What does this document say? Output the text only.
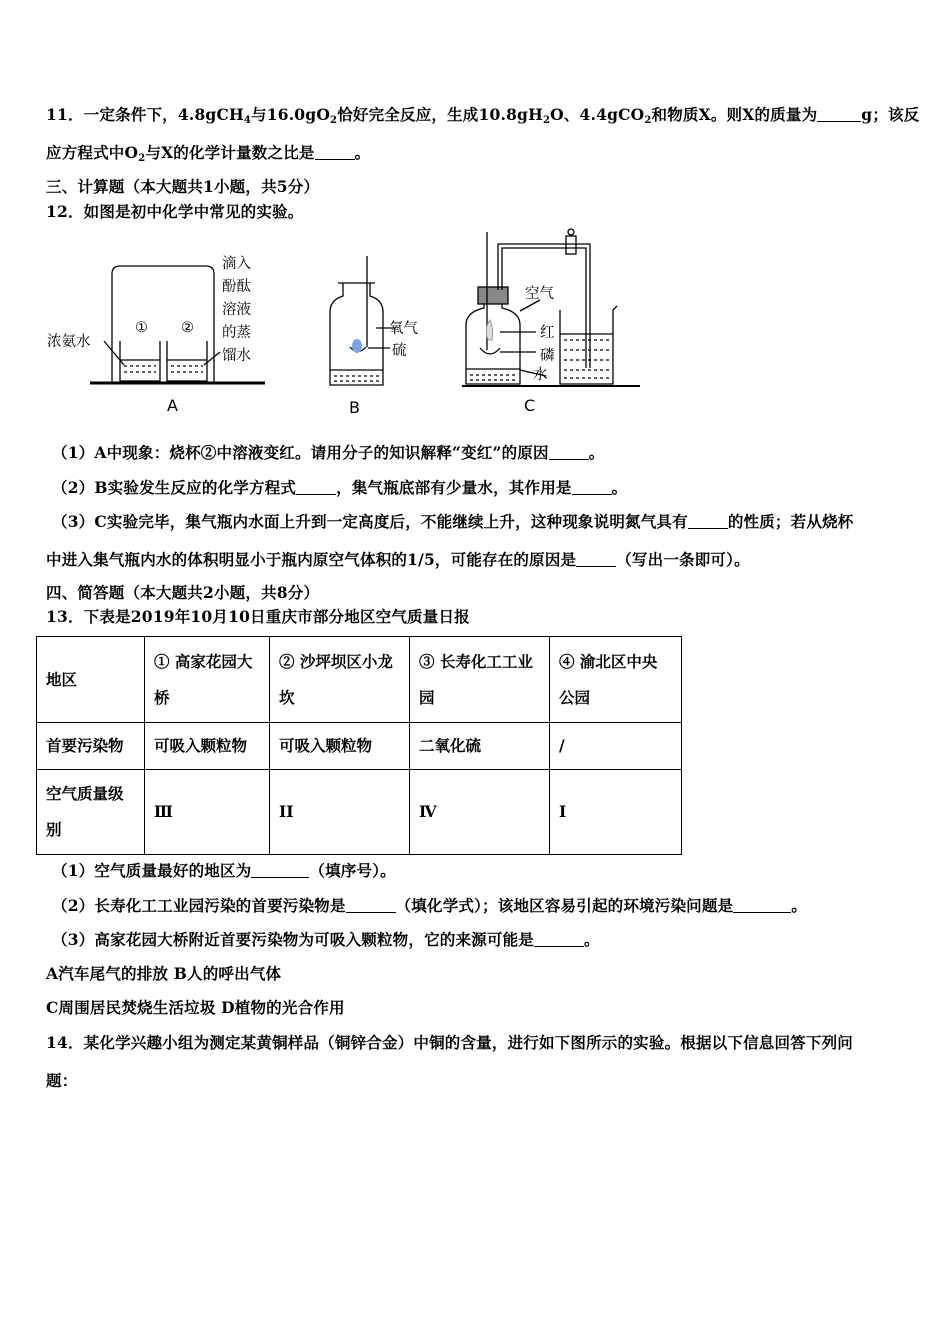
11．一定条件下，4.8gCH$_4$与$16.0gO_2$恰好完全反应，生成$10.8gH_2O$、4.4gCO$_2$和物质X。则X的质量为	g；该反
应方程式中$O_2$与X的化学计量数之比是	。
三、计算题（本大题共1小题，共5分）
12．如图是初中化学中常见的实验。
浓氨水
① ②
滴入
酚酞
溶液
的蒸
馏水
A
氧气
硫
B
空气
红
磷
水
C
（1）A中现象：烧杯②中溶液变红。请用分子的知识解释“变红”的原因	。
（2）B实验发生反应的化学方程式	，集气瓶底部有少量水，其作用是	。
（3）C实验完毕，集气瓶内水面上升到一定高度后，不能继续上升，这种现象说明氮气具有	的性质；若从烧杯
中进入集气瓶内水的体积明显小于瓶内原空气体积的1/5，可能存在的原因是	（写出一条即可）。
四、简答题（本大题共2小题，共8分）
13．下表是2019年10月10日重庆市部分地区空气质量日报
地区	① 高家花园大桥	② 沙坪坝区小龙坎	③ 长寿化工工业园	④ 渝北区中央公园
首要污染物	可吸入颗粒物	可吸入颗粒物	二氧化硫	/
空气质量级别	Ⅲ	II	Ⅳ	I
（1）空气质量最好的地区为	（填序号）。
（2）长寿化工工业园污染的首要污染物是	（填化学式）；该地区容易引起的环境污染问题是	。
（3）高家花园大桥附近首要污染物为可吸入颗粒物，它的来源可能是	。
A汽车尾气的排放 B人的呼出气体
C周围居民焚烧生活垃圾 D植物的光合作用
14．某化学兴趣小组为测定某黄铜样品（铜锌合金）中铜的含量，进行如下图所示的实验。根据以下信息回答下列问
题：
